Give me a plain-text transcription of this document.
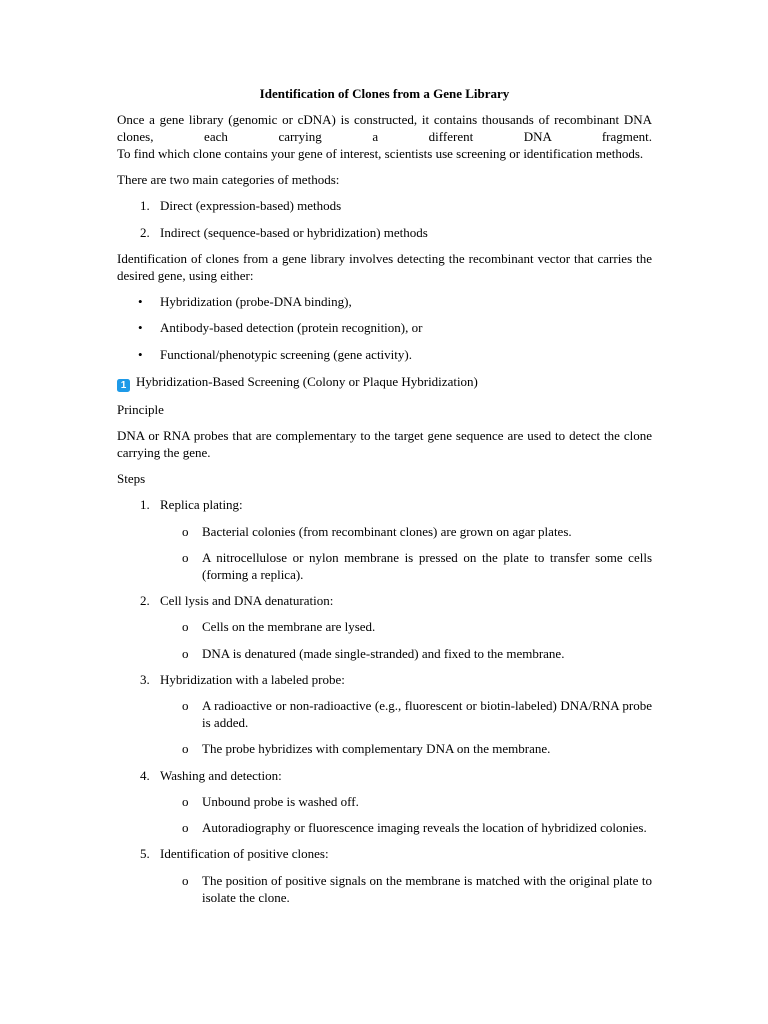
Identification of Clones from a Gene Library
Once a gene library (genomic or cDNA) is constructed, it contains thousands of recombinant DNA clones, each carrying a different DNA fragment.
To find which clone contains your gene of interest, scientists use screening or identification methods.
There are two main categories of methods:
1. Direct (expression-based) methods
2. Indirect (sequence-based or hybridization) methods
Identification of clones from a gene library involves detecting the recombinant vector that carries the desired gene, using either:
• Hybridization (probe-DNA binding),
• Antibody-based detection (protein recognition), or
• Functional/phenotypic screening (gene activity).
1 Hybridization-Based Screening (Colony or Plaque Hybridization)
Principle
DNA or RNA probes that are complementary to the target gene sequence are used to detect the clone carrying the gene.
Steps
1. Replica plating:
o Bacterial colonies (from recombinant clones) are grown on agar plates.
o A nitrocellulose or nylon membrane is pressed on the plate to transfer some cells (forming a replica).
2. Cell lysis and DNA denaturation:
o Cells on the membrane are lysed.
o DNA is denatured (made single-stranded) and fixed to the membrane.
3. Hybridization with a labeled probe:
o A radioactive or non-radioactive (e.g., fluorescent or biotin-labeled) DNA/RNA probe is added.
o The probe hybridizes with complementary DNA on the membrane.
4. Washing and detection:
o Unbound probe is washed off.
o Autoradiography or fluorescence imaging reveals the location of hybridized colonies.
5. Identification of positive clones:
o The position of positive signals on the membrane is matched with the original plate to isolate the clone.
